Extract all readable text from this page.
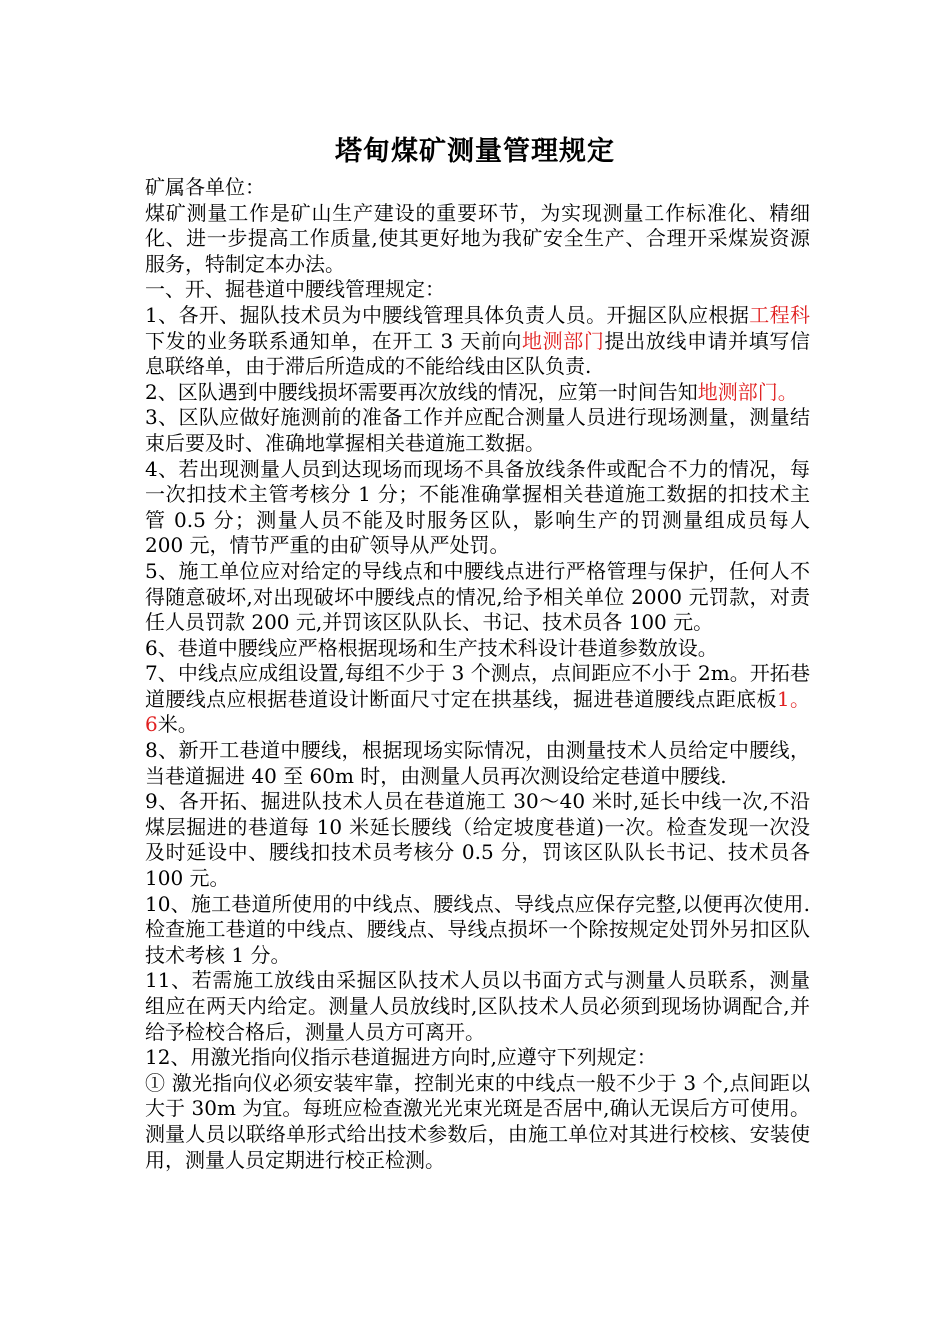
塔甸煤矿测量管理规定

矿属各单位：

煤矿测量工作是矿山生产建设的重要环节，为实现测量工作标准化、精细化、进一步提高工作质量,使其更好地为我矿安全生产、合理开采煤炭资源服务，特制定本办法。

一、开、掘巷道中腰线管理规定：

1、各开、掘队技术员为中腰线管理具体负责人员。开掘区队应根据工程科下发的业务联系通知单，在开工 3 天前向地测部门提出放线申请并填写信息联络单，由于滞后所造成的不能给线由区队负责.

2、区队遇到中腰线损坏需要再次放线的情况，应第一时间告知地测部门。

3、区队应做好施测前的准备工作并应配合测量人员进行现场测量，测量结束后要及时、准确地掌握相关巷道施工数据。

4、若出现测量人员到达现场而现场不具备放线条件或配合不力的情况，每一次扣技术主管考核分 1 分；不能准确掌握相关巷道施工数据的扣技术主管 0.5 分；测量人员不能及时服务区队，影响生产的罚测量组成员每人 200 元，情节严重的由矿领导从严处罚。

5、施工单位应对给定的导线点和中腰线点进行严格管理与保护，任何人不得随意破坏,对出现破坏中腰线点的情况,给予相关单位 2000 元罚款，对责任人员罚款 200 元,并罚该区队队长、书记、技术员各 100 元。

6、巷道中腰线应严格根据现场和生产技术科设计巷道参数放设。

7、中线点应成组设置,每组不少于 3 个测点，点间距应不小于 2m。开拓巷道腰线点应根据巷道设计断面尺寸定在拱基线，掘进巷道腰线点距底板1。6米。

8、新开工巷道中腰线，根据现场实际情况，由测量技术人员给定中腰线，当巷道掘进 40 至 60m 时，由测量人员再次测设给定巷道中腰线.

9、各开拓、掘进队技术人员在巷道施工 30～40 米时,延长中线一次,不沿煤层掘进的巷道每 10 米延长腰线（给定坡度巷道)一次。检查发现一次没及时延设中、腰线扣技术员考核分 0.5 分，罚该区队队长书记、技术员各 100 元。

10、施工巷道所使用的中线点、腰线点、导线点应保存完整,以便再次使用.检查施工巷道的中线点、腰线点、导线点损坏一个除按规定处罚外另扣区队技术考核 1 分。

11、若需施工放线由采掘区队技术人员以书面方式与测量人员联系，测量组应在两天内给定。测量人员放线时,区队技术人员必须到现场协调配合,并给予检校合格后，测量人员方可离开。

12、用激光指向仪指示巷道掘进方向时,应遵守下列规定：

① 激光指向仪必须安装牢靠，控制光束的中线点一般不少于 3 个,点间距以大于 30m 为宜。每班应检查激光光束光斑是否居中,确认无误后方可使用。测量人员以联络单形式给出技术参数后，由施工单位对其进行校核、安装使用，测量人员定期进行校正检测。
